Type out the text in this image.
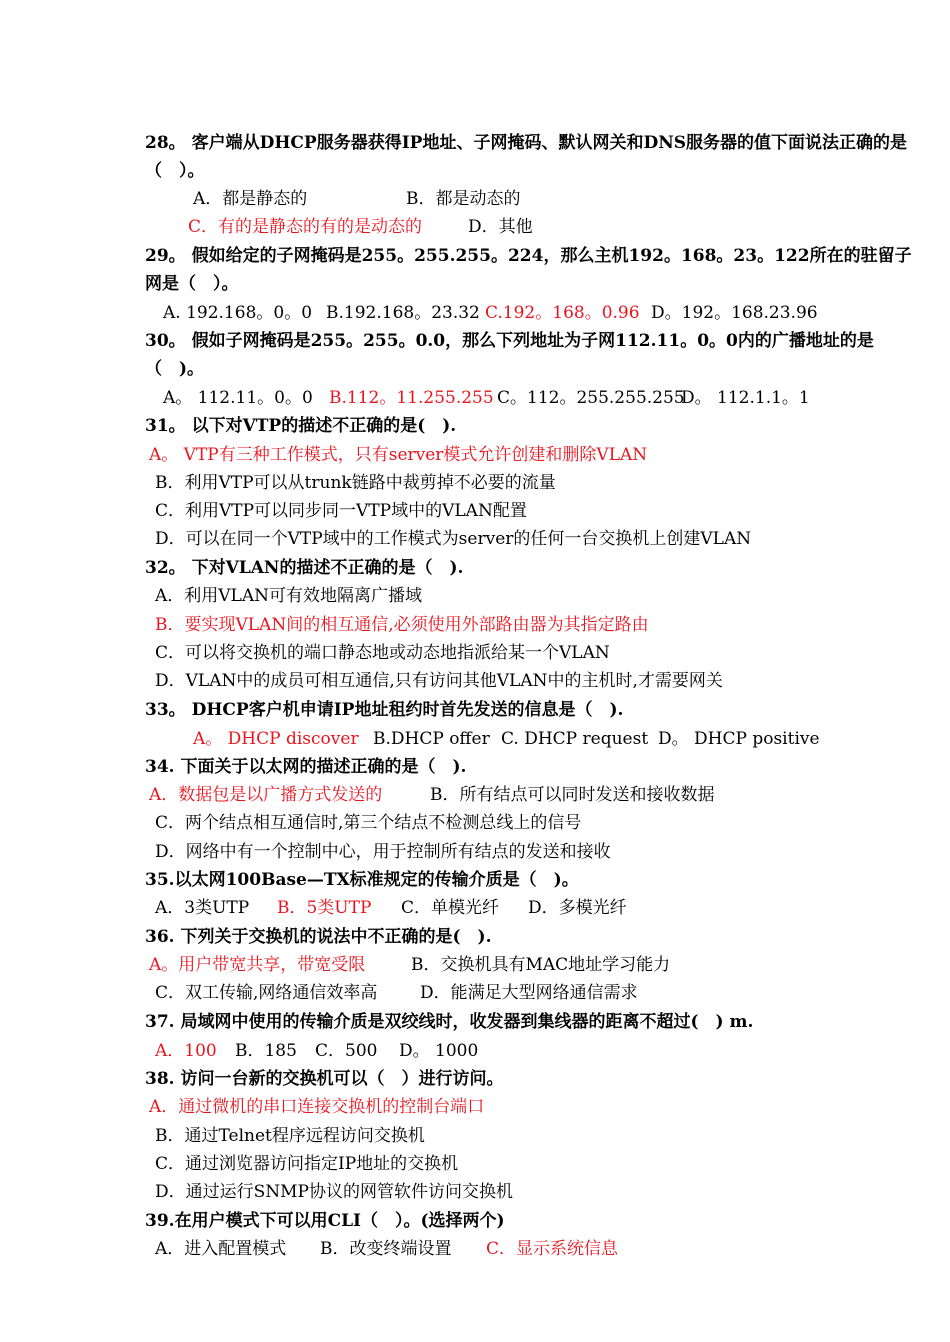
28。 客户端从DHCP服务器获得IP地址、子网掩码、默认网关和DNS服务器的值下面说法正确的是（　）。
A．都是静态的	B．都是动态的
C．有的是静态的有的是动态的	D．其他
29。 假如给定的子网掩码是255。255.255。224，那么主机192。168。23。122所在的驻留子网是（　）。
A. 192.168。0。0 B.192.168。23.32 C.192。168。0.96 D。192。168.23.96
30。 假如子网掩码是255。255。0.0，那么下列地址为子网112.11。0。0内的广播地址的是（　)。
A。 112.11。0。0 B.112。11.255.255 C。112。255.255.255D。 112.1.1。1
31。 以下对VTP的描述不正确的是(　).
A。 VTP有三种工作模式，只有server模式允许创建和删除VLAN
B．利用VTP可以从trunk链路中裁剪掉不必要的流量
C．利用VTP可以同步同一VTP域中的VLAN配置
D．可以在同一个VTP域中的工作模式为server的任何一台交换机上创建VLAN
32。 下对VLAN的描述不正确的是（　).
A．利用VLAN可有效地隔离广播域
B．要实现VLAN间的相互通信,必须使用外部路由器为其指定路由
C．可以将交换机的端口静态地或动态地指派给某一个VLAN
D．VLAN中的成员可相互通信,只有访问其他VLAN中的主机时,才需要网关
33。 DHCP客户机申请IP地址租约时首先发送的信息是（　).
A。 DHCP discover B.DHCP offer C. DHCP request D。 DHCP positive
34. 下面关于以太网的描述正确的是（　).
A．数据包是以广播方式发送的	B．所有结点可以同时发送和接收数据
C．两个结点相互通信时,第三个结点不检测总线上的信号
D．网络中有一个控制中心，用于控制所有结点的发送和接收
35.以太网100Base—TX标准规定的传输介质是（　)。
A．3类UTP B．5类UTP C．单模光纤 D．多模光纤
36. 下列关于交换机的说法中不正确的是(　).
A。用户带宽共享，带宽受限	B．交换机具有MAC地址学习能力
C．双工传输,网络通信效率高	D．能满足大型网络通信需求
37. 局域网中使用的传输介质是双绞线时，收发器到集线器的距离不超过(　) m.
A．100 B．185 C．500 D。 1000
38. 访问一台新的交换机可以（　）进行访问。
A．通过微机的串口连接交换机的控制台端口
B．通过Telnet程序远程访问交换机
C．通过浏览器访问指定IP地址的交换机
D．通过运行SNMP协议的网管软件访问交换机
39.在用户模式下可以用CLI（　）。(选择两个)
A．进入配置模式 B．改变终端设置 C．显示系统信息
